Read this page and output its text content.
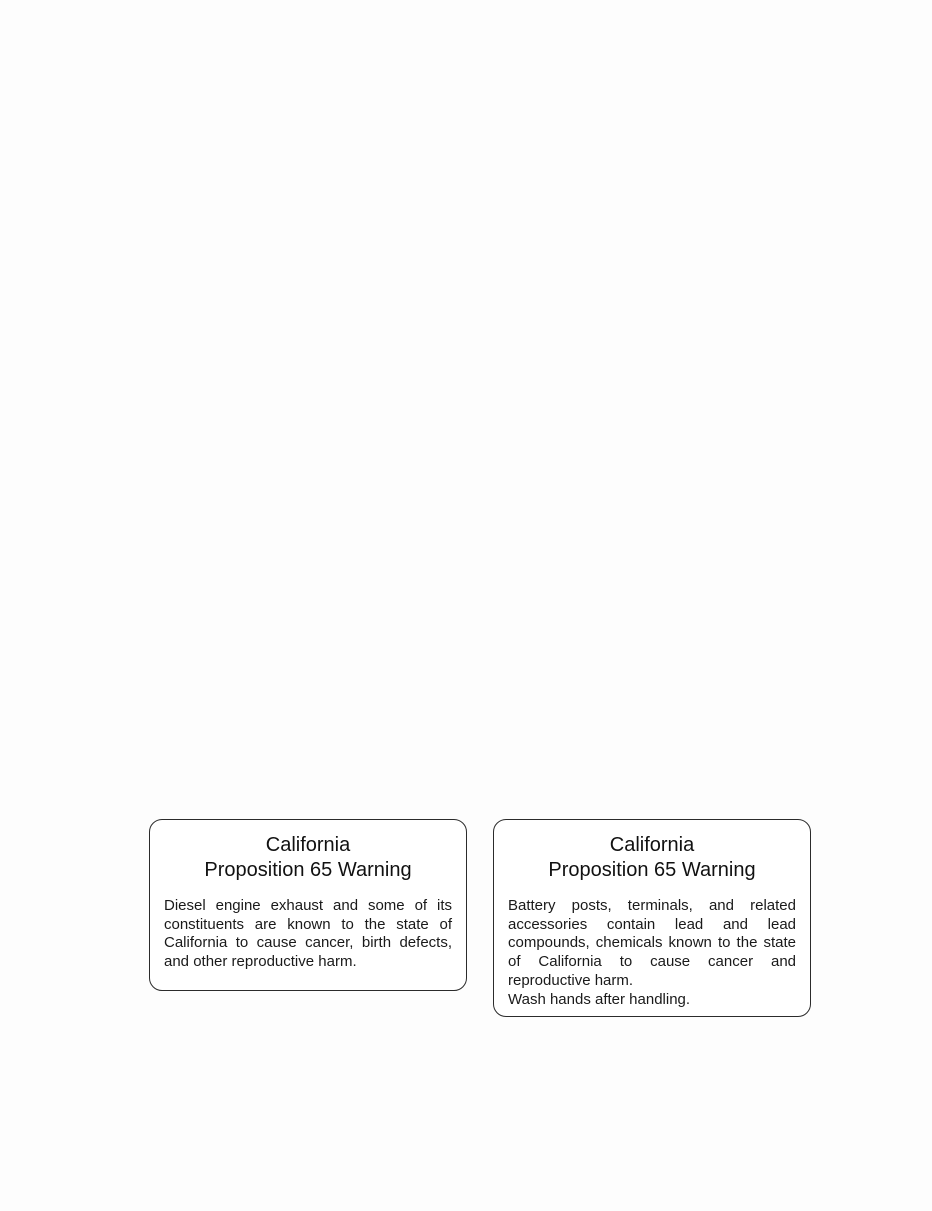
California
Proposition 65 Warning
Diesel engine exhaust and some of its constituents are known to the state of California to cause cancer, birth defects, and other reproductive harm.
California
Proposition 65 Warning
Battery posts, terminals, and related accessories contain lead and lead compounds, chemicals known to the state of California to cause cancer and reproductive harm.
Wash hands after handling.
